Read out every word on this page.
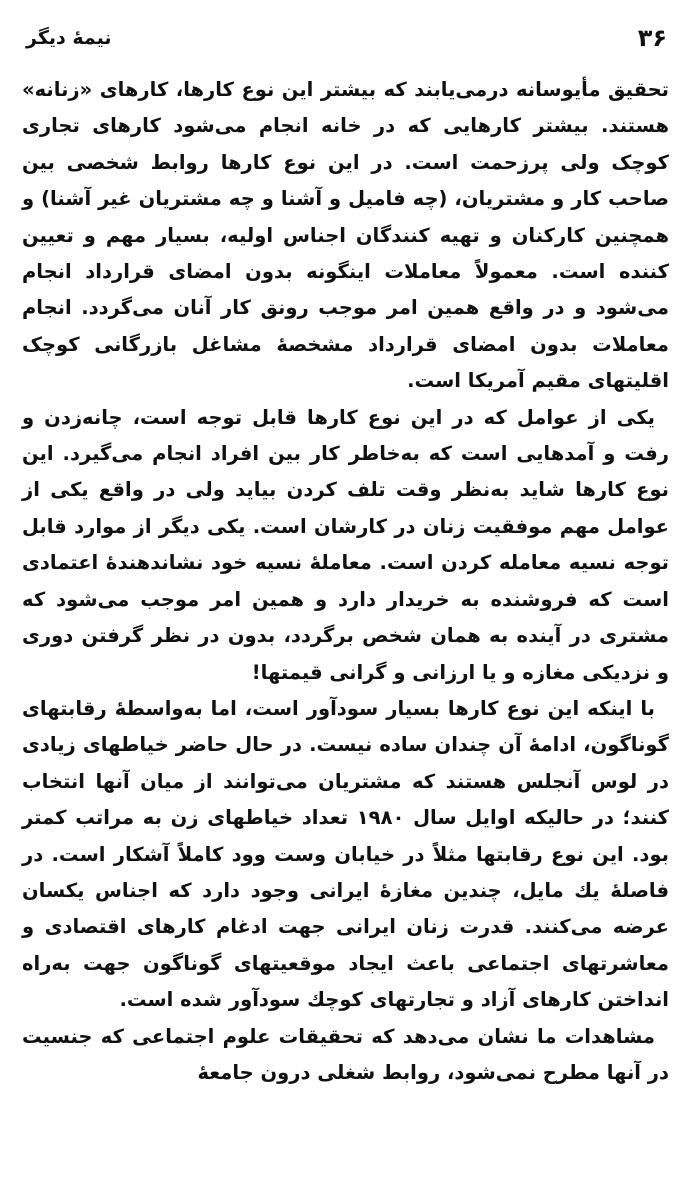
۳۶
نیمهٔ دیگر

تحقیق مأیوسانه درمی‌یابند که بیشتر این نوع کارها، کارهای «زنانه» هستند. بیشتر کارهایی که در خانه انجام می‌شود کارهای تجاری کوچک ولی پرزحمت است. در این نوع کارها روابط شخصی بین صاحب کار و مشتریان، (چه فامیل و آشنا و چه مشتریان غیر آشنا) و همچنین کارکنان و تهیه کنندگان اجناس اولیه، بسیار مهم و تعیین کننده است. معمولاً معاملات اینگونه بدون امضای قرارداد انجام می‌شود و در واقع همین امر موجب رونق کار آنان می‌گردد. انجام معاملات بدون امضای قرارداد مشخصهٔ مشاغل بازرگانی کوچک اقلیتهای مقیم آمریکا است.

یکی از عوامل که در این نوع کارها قابل توجه است، چانه‌زدن و رفت و آمدهایی است که به‌خاطر کار بین افراد انجام می‌گیرد. این نوع کارها شاید به‌نظر وقت تلف کردن بیاید ولی در واقع یکی از عوامل مهم موفقیت زنان در کارشان است. یکی دیگر از موارد قابل توجه نسیه معامله کردن است. معاملهٔ نسیه خود نشاندهندهٔ اعتمادی است که فروشنده به خریدار دارد و همین امر موجب می‌شود که مشتری در آینده به همان شخص برگردد، بدون در نظر گرفتن دوری و نزدیکی مغازه و یا ارزانی و گرانی قیمتها!

با اینکه این نوع کارها بسیار سودآور است، اما به‌واسطهٔ رقابتهای گوناگون، ادامهٔ آن چندان ساده نیست. در حال حاضر خیاطهای زیادی در لوس آنجلس هستند که مشتریان می‌توانند از میان آنها انتخاب کنند؛ در حالیکه اوایل سال ۱۹۸۰ تعداد خیاطهای زن به مراتب کمتر بود. این نوع رقابتها مثلاً در خیابان وست وود کاملاً آشکار است. در فاصلهٔ یك مایل، چندین مغازهٔ ایرانی وجود دارد که اجناس یکسان عرضه می‌کنند. قدرت زنان ایرانی جهت ادغام کارهای اقتصادی و معاشرتهای اجتماعی باعث ایجاد موقعیتهای گوناگون جهت به‌راه انداختن کارهای آزاد و تجارتهای کوچك سودآور شده است.

مشاهدات ما نشان می‌دهد که تحقیقات علوم اجتماعی که جنسیت در آنها مطرح نمی‌شود، روابط شغلی درون جامعهٔ
